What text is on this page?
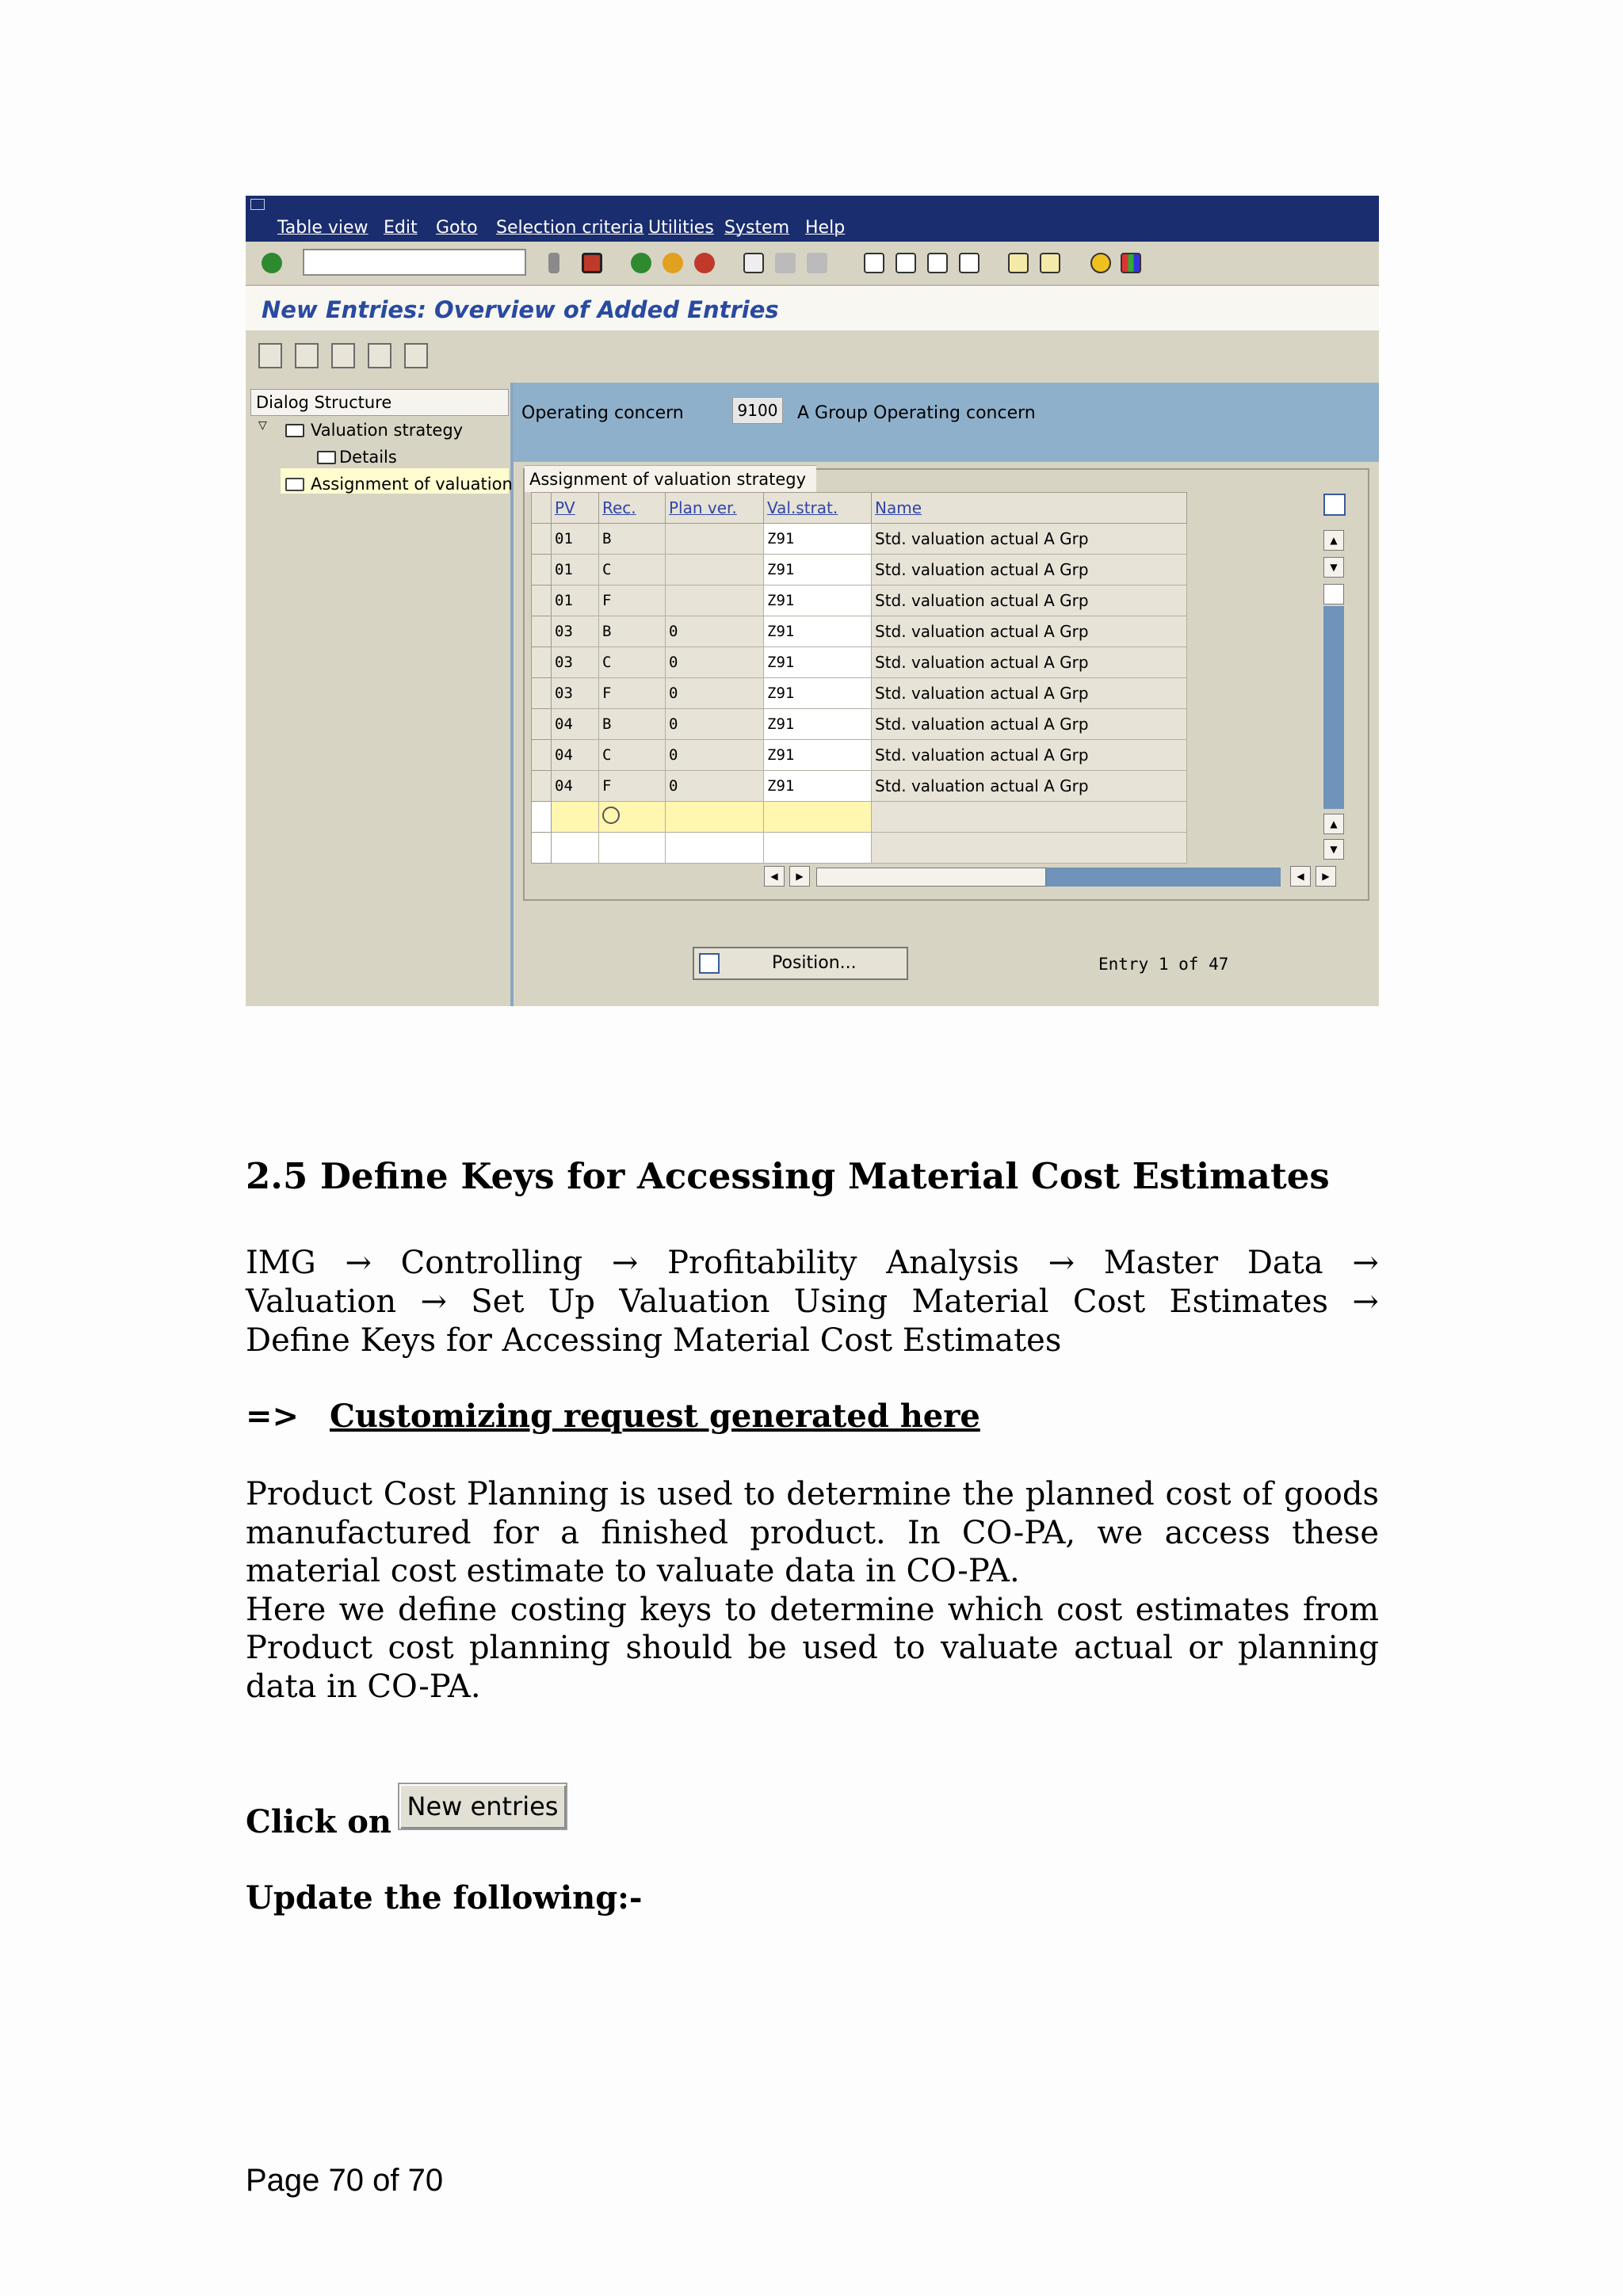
Table view Edit Goto Selection criteria Utilities System Help
New Entries: Overview of Added Entries
Dialog Structure
▽	Valuation strategy
Details
Assignment of valuation
Operating concern	9100 A Group Operating concern
Assignment of valuation strategy
	PV	Rec.	Plan ver.	Val.strat.	Name
	01	B		Z91	Std. valuation actual A Grp
	01	C		Z91	Std. valuation actual A Grp
	01	F		Z91	Std. valuation actual A Grp
	03	B	0	Z91	Std. valuation actual A Grp
	03	C	0	Z91	Std. valuation actual A Grp
	03	F	0	Z91	Std. valuation actual A Grp
	04	B	0	Z91	Std. valuation actual A Grp
	04	C	0	Z91	Std. valuation actual A Grp
	04	F	0	Z91	Std. valuation actual A Grp

▲
▼
▲
▼
◀	▶	◀	▶
Position...	Entry 1 of 47
2.5 Define Keys for Accessing Material Cost Estimates
IMG → Controlling → Profitability Analysis → Master Data →
Valuation → Set Up Valuation Using Material Cost Estimates →
Define Keys for Accessing Material Cost Estimates
=> Customizing request generated here

Product Cost Planning is used to determine the planned cost of goods manufactured for a finished product. In CO-PA, we access these material cost estimate to valuate data in CO-PA.

Here we define costing keys to determine which cost estimates from Product cost planning should be used to valuate actual or planning data in CO-PA.

Click on New entries
Update the following:-
Page 70 of 70
